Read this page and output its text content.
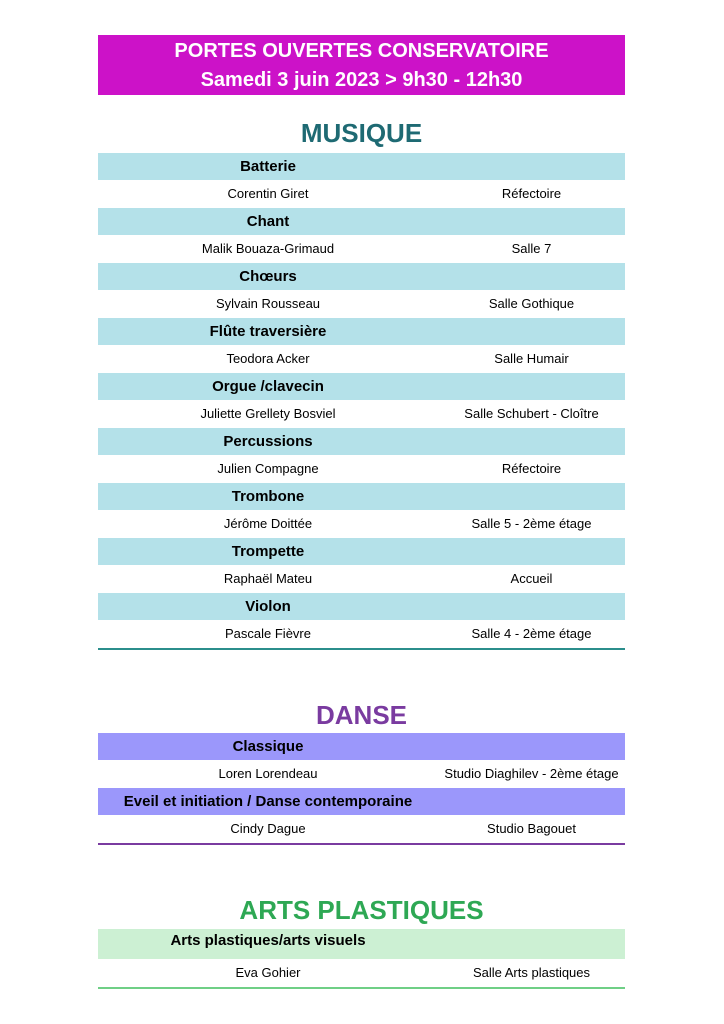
PORTES OUVERTES CONSERVATOIRE
Samedi 3 juin 2023 > 9h30 - 12h30
MUSIQUE
Batterie
Corentin Giret	Réfectoire
Chant
Malik Bouaza-Grimaud	Salle 7
Chœurs
Sylvain Rousseau	Salle Gothique
Flûte traversière
Teodora Acker	Salle Humair
Orgue /clavecin
Juliette Grellety Bosviel	Salle Schubert - Cloître
Percussions
Julien Compagne	Réfectoire
Trombone
Jérôme Doittée	Salle 5 - 2ème étage
Trompette
Raphaël Mateu	Accueil
Violon
Pascale Fièvre	Salle 4 - 2ème étage
DANSE
Classique
Loren Lorendeau	Studio Diaghilev - 2ème étage
Eveil et initiation / Danse contemporaine
Cindy Dague	Studio Bagouet
ARTS PLASTIQUES
Arts plastiques/arts visuels
Eva Gohier	Salle Arts plastiques
